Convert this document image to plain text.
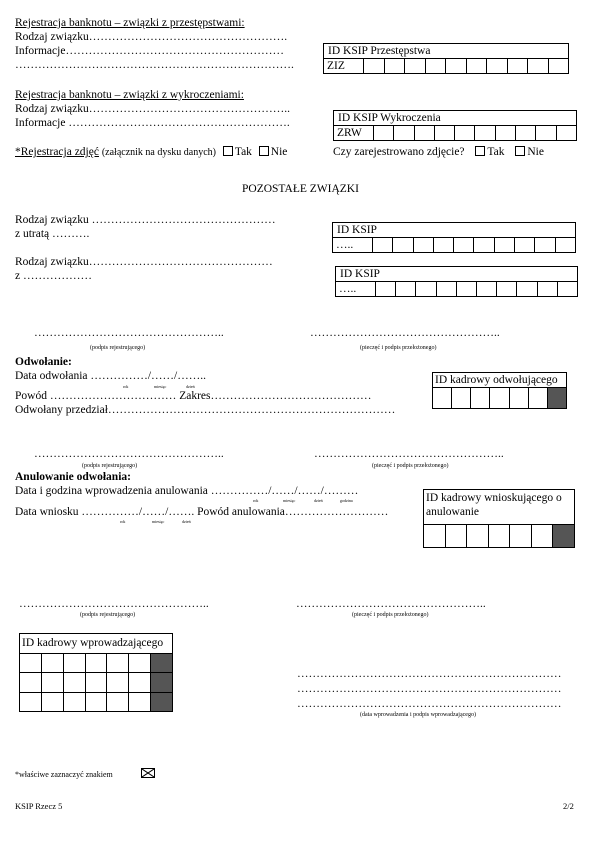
Rejestracja banknotu – związki z przestępstwami:
Rodzaj związku…………………………………………….
Informacje…………………………………………………
……………………………………………………………….
ID KSIP Przestępstwa
ZIZ
Rejestracja banknotu – związki z wykroczeniami:
Rodzaj związku……………………………………………..
Informacje ………………………………………………….	ID KSIP Wykroczenia
ZRW
*Rejestracja zdjęć (załącznik na dysku danych) Tak Nie	Czy zarejestrowano zdjęcie? Tak Nie
POZOSTAŁE ZWIĄZKI
Rodzaj związku …………………………………………
z utratą ……….	ID KSIP
…..
Rodzaj związku…………………………………………
z ………………	ID KSIP
…..
…………………………………………..	…………………………………………..
(podpis rejestrującego)	(pieczęć i podpis przełożonego)
Odwołanie:
Data odwołania ……………/……/……..
rok	miesiąc	dzień
Powód …………………………… Zakres……………………………………
Odwołany przedział…………………………………………………………………
ID kadrowy odwołującego
…………………………………………..	…………………………………………..
(podpis rejestrującego)	(pieczęć i podpis przełożonego)
Anulowanie odwołania:
Data i godzina wprowadzenia anulowania ……………/……/……/………
rok	miesiąc	dzień	godzina
Data wniosku ……………/……/……. Powód anulowania………………………
rok	miesiąc	dzień
ID kadrowy wnioskującego o anulowanie
…………………………………………..	…………………………………………..
(podpis rejestrującego)	(pieczęć i podpis przełożonego)
ID kadrowy wprowadzającego
……………………………………………………………
……………………………………………………………
……………………………………………………………
(data wprowadzenia i podpis wprowadzającego)
*właściwe zaznaczyć znakiem
KSIP Rzecz 5	2/2
